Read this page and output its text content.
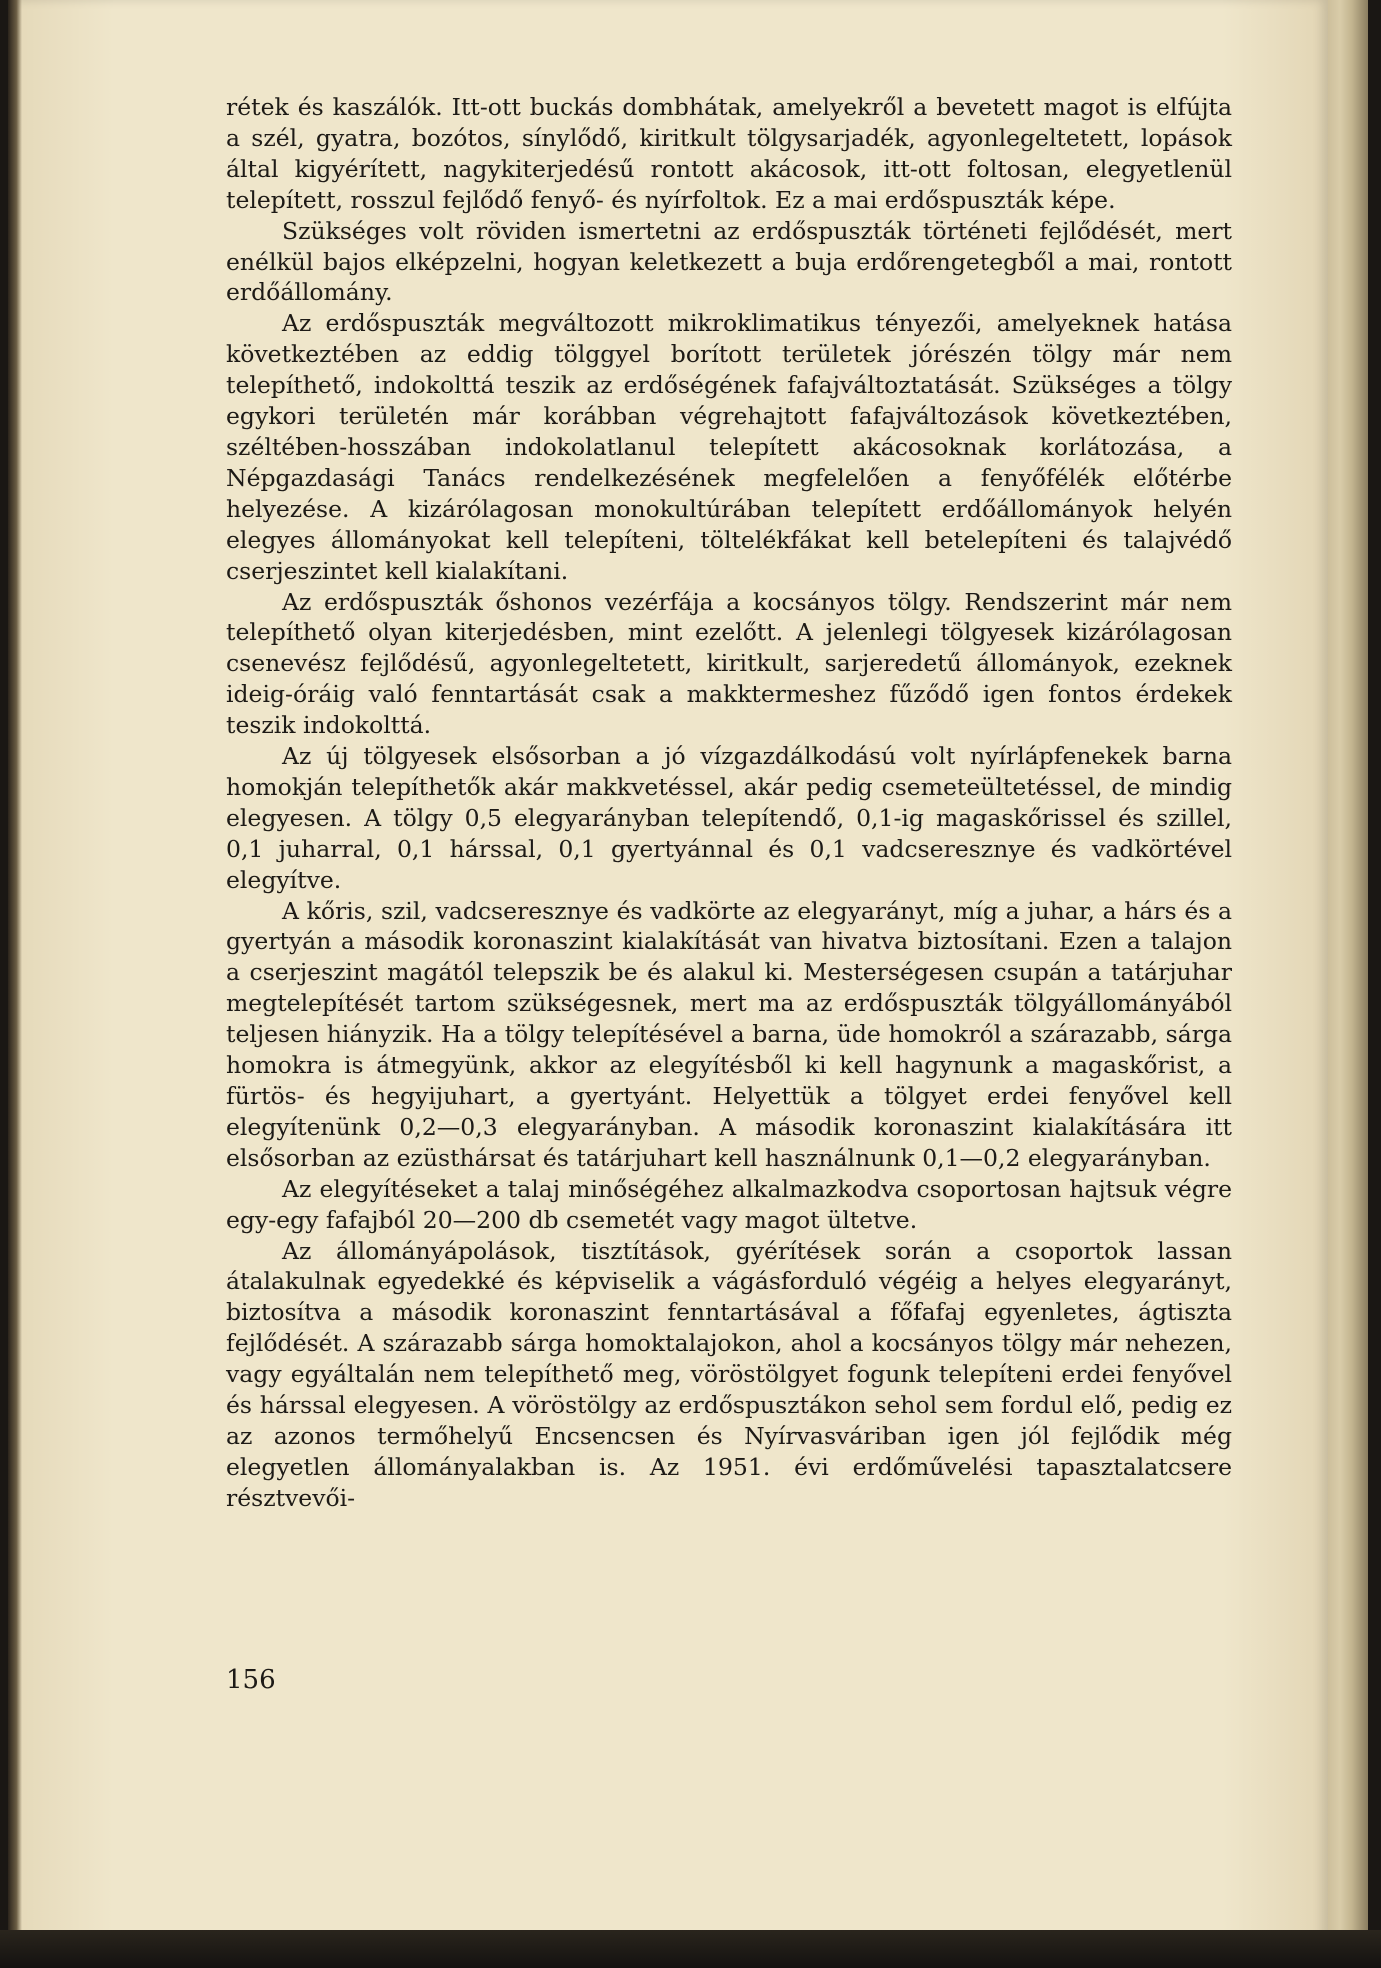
rétek és kaszálók. Itt-ott buckás dombhátak, amelyekről a bevetett magot is elfújta a szél, gyatra, bozótos, sínylődő, kiritkult tölgysarjadék, agyonlegeltetett, lopások által kigyérített, nagykiterjedésű rontott akácosok, itt-ott foltosan, elegyetlenül telepített, rosszul fejlődő fenyő- és nyírfoltok. Ez a mai erdőspuszták képe.

Szükséges volt röviden ismertetni az erdőspuszták történeti fejlődését, mert enélkül bajos elképzelni, hogyan keletkezett a buja erdőrengetegből a mai, rontott erdőállomány.

Az erdőspuszták megváltozott mikroklimatikus tényezői, amelyeknek hatása következtében az eddig tölggyel borított területek jórészén tölgy már nem telepíthető, indokolttá teszik az erdőségének fafajváltoztatását. Szükséges a tölgy egykori területén már korábban végrehajtott fafajváltozások következtében, széltében-hosszában indokolatlanul telepített akácosoknak korlátozása, a Népgazdasági Tanács rendelkezésének megfelelően a fenyőfélék előtérbe helyezése. A kizárólagosan monokultúrában telepített erdőállományok helyén elegyes állományokat kell telepíteni, töltelékfákat kell betelepíteni és talajvédő cserjeszintet kell kialakítani.

Az erdőspuszták őshonos vezérfája a kocsányos tölgy. Rendszerint már nem telepíthető olyan kiterjedésben, mint ezelőtt. A jelenlegi tölgyesek kizárólagosan csenevész fejlődésű, agyonlegeltetett, kiritkult, sarjeredetű állományok, ezeknek ideig-óráig való fenntartását csak a makktermeshez fűződő igen fontos érdekek teszik indokolttá.

Az új tölgyesek elsősorban a jó vízgazdálkodású volt nyírlápfenekek barna homokján telepíthetők akár makkvetéssel, akár pedig csemeteültetéssel, de mindig elegyesen. A tölgy 0,5 elegyarányban telepítendő, 0,1-ig magaskőrissel és szillel, 0,1 juharral, 0,1 hárssal, 0,1 gyertyánnal és 0,1 vadcseresznye és vadkörtével elegyítve.

A kőris, szil, vadcseresznye és vadkörte az elegyarányt, míg a juhar, a hárs és a gyertyán a második koronaszint kialakítását van hivatva biztosítani. Ezen a talajon a cserjeszint magától telepszik be és alakul ki. Mesterségesen csupán a tatárjuhar megtelepítését tartom szükségesnek, mert ma az erdőspuszták tölgyállományából teljesen hiányzik. Ha a tölgy telepítésével a barna, üde homokról a szárazabb, sárga homokra is átmegyünk, akkor az elegyítésből ki kell hagynunk a magaskőrist, a fürtös- és hegyijuhart, a gyertyánt. Helyettük a tölgyet erdei fenyővel kell elegyítenünk 0,2—0,3 elegyarányban. A második koronaszint kialakítására itt elsősorban az ezüsthársat és tatárjuhart kell használnunk 0,1—0,2 elegyarányban.

Az elegyítéseket a talaj minőségéhez alkalmazkodva csoportosan hajtsuk végre egy-egy fafajból 20—200 db csemetét vagy magot ültetve.

Az állományápolások, tisztítások, gyérítések során a csoportok lassan átalakulnak egyedekké és képviselik a vágásforduló végéig a helyes elegyarányt, biztosítva a második koronaszint fenntartásával a főfafaj egyenletes, ágtiszta fejlődését. A szárazabb sárga homoktalajokon, ahol a kocsányos tölgy már nehezen, vagy egyáltalán nem telepíthető meg, vöröstölgyet fogunk telepíteni erdei fenyővel és hárssal elegyesen. A vöröstölgy az erdőspusztákon sehol sem fordul elő, pedig ez az azonos termőhelyű Encsencsen és Nyírvasváriban igen jól fejlődik még elegyetlen állományalakban is. Az 1951. évi erdőművelési tapasztalatcsere résztvevői-

156
